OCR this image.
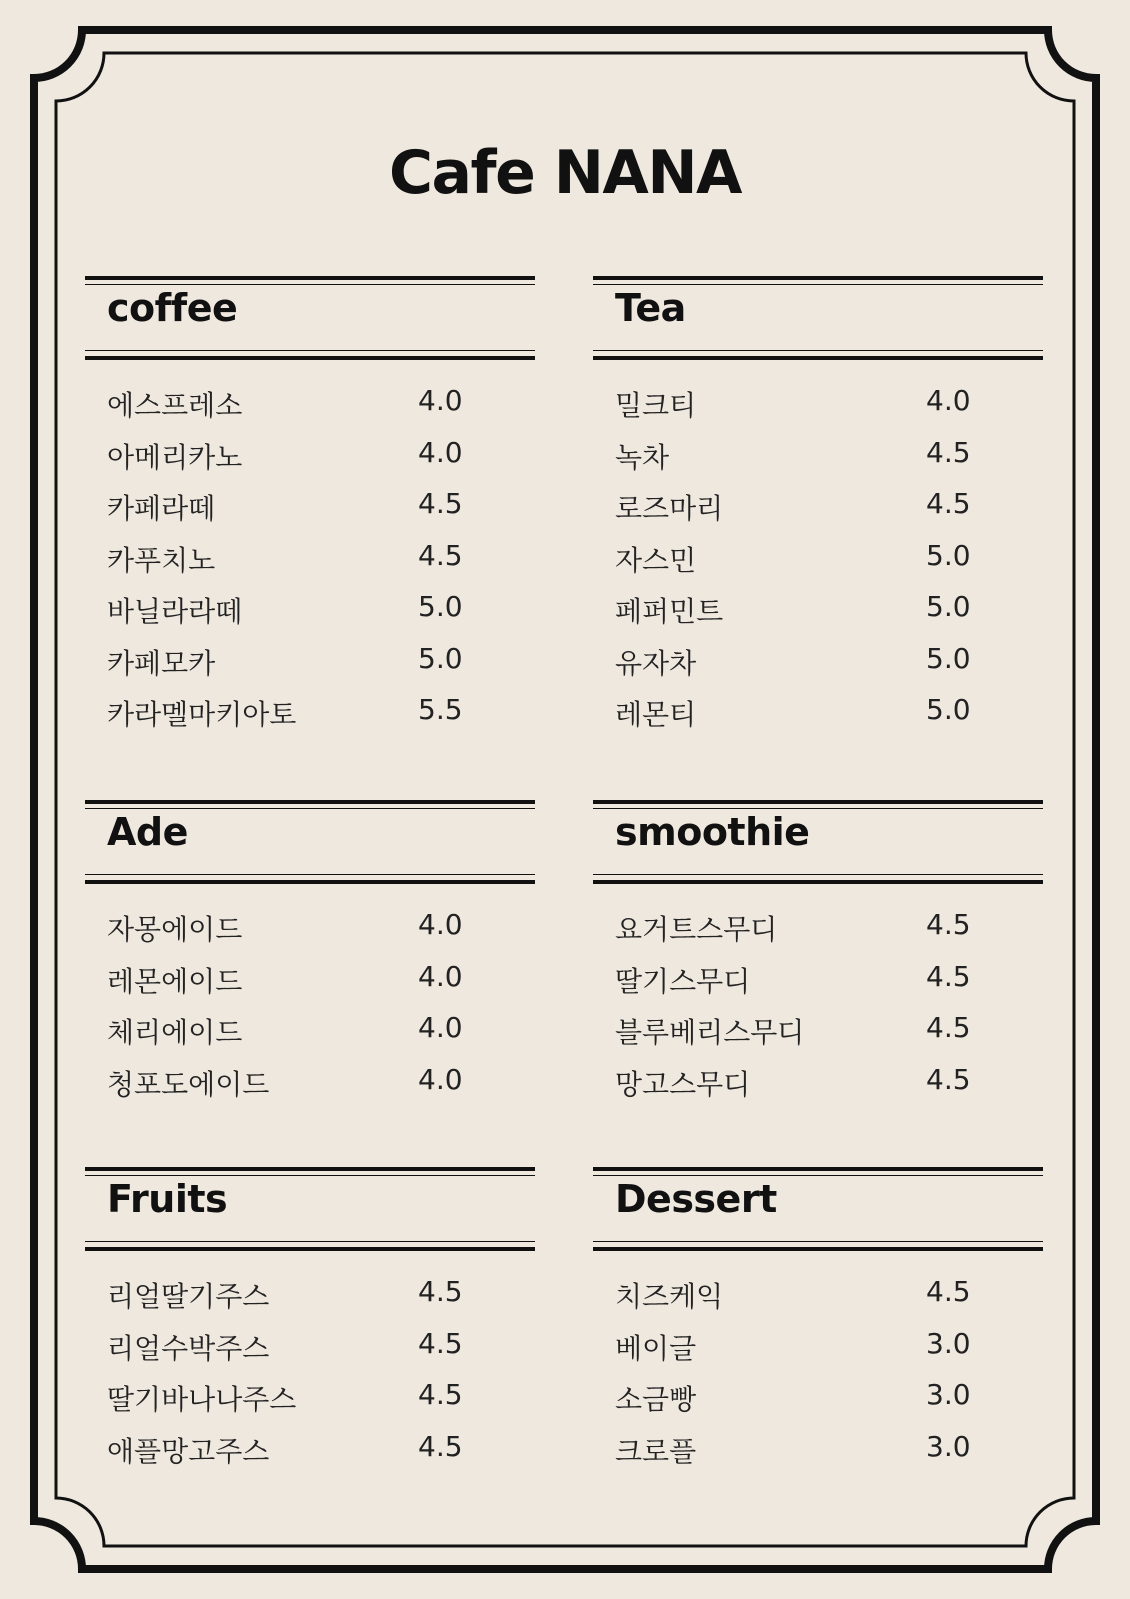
Cafe NANA
coffee
에스프레소	4.0
아메리카노	4.0
카페라떼	4.5
카푸치노	4.5
바닐라라떼	5.0
카페모카	5.0
카라멜마키아토	5.5
Tea
밀크티	4.0
녹차	4.5
로즈마리	4.5
자스민	5.0
페퍼민트	5.0
유자차	5.0
레몬티	5.0
Ade
자몽에이드	4.0
레몬에이드	4.0
체리에이드	4.0
청포도에이드	4.0
smoothie
요거트스무디	4.5
딸기스무디	4.5
블루베리스무디	4.5
망고스무디	4.5
Fruits
리얼딸기주스	4.5
리얼수박주스	4.5
딸기바나나주스	4.5
애플망고주스	4.5
Dessert
치즈케익	4.5
베이글	3.0
소금빵	3.0
크로플	3.0
